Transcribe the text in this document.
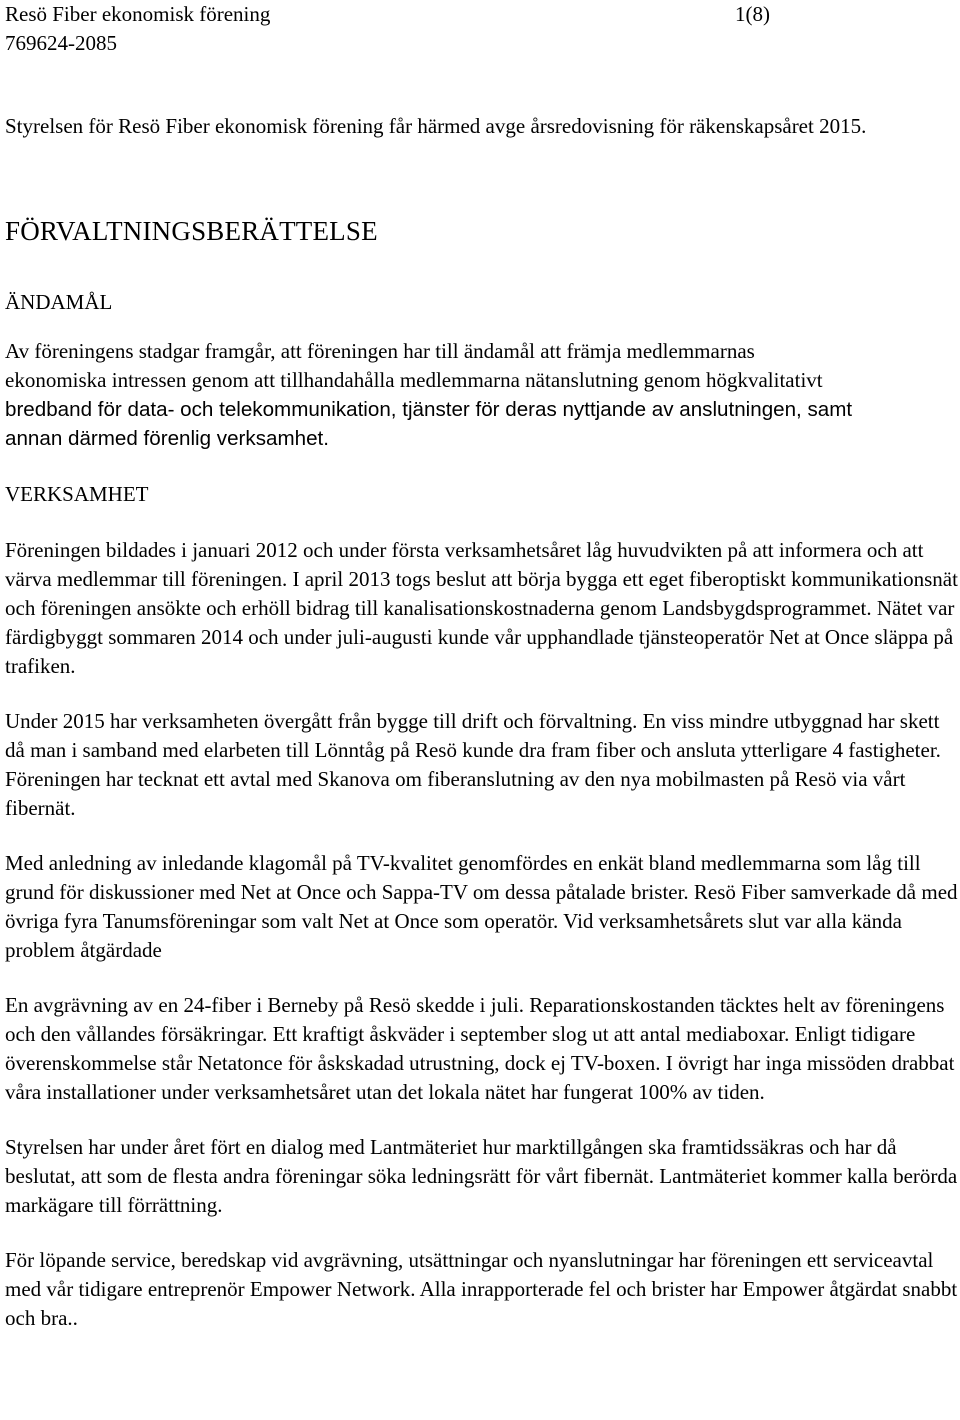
Resö Fiber ekonomisk förening
769624-2085
1(8)

Styrelsen för Resö Fiber ekonomisk förening får härmed avge årsredovisning för räkenskapsåret 2015.

FÖRVALTNINGSBERÄTTELSE
ÄNDAMÅL
Av föreningens stadgar framgår, att föreningen har till ändamål att främja medlemmarnas
ekonomiska intressen genom att tillhandahålla medlemmarna nätanslutning genom högkvalitativt
bredband för data- och telekommunikation, tjänster för deras nyttjande av anslutningen, samt
annan därmed förenlig verksamhet.
VERKSAMHET

Föreningen bildades i januari 2012 och under första verksamhetsåret låg huvudvikten på att informera och att värva medlemmar till föreningen. I april 2013 togs beslut att börja bygga ett eget fiberoptiskt kommunikationsnät och föreningen ansökte och erhöll bidrag till kanalisationskostnaderna genom Landsbygdsprogrammet. Nätet var färdigbyggt sommaren 2014 och under juli-augusti kunde vår upphandlade tjänsteoperatör Net at Once släppa på trafiken.

Under 2015 har verksamheten övergått från bygge till drift och förvaltning. En viss mindre utbyggnad har skett då man i samband med elarbeten till Lönntåg på Resö kunde dra fram fiber och ansluta ytterligare 4 fastigheter. Föreningen har tecknat ett avtal med Skanova om fiberanslutning av den nya mobilmasten på Resö via vårt fibernät.

Med anledning av inledande klagomål på TV-kvalitet genomfördes en enkät bland medlemmarna som låg till grund för diskussioner med Net at Once och Sappa-TV om dessa påtalade brister. Resö Fiber samverkade då med övriga fyra Tanumsföreningar som valt Net at Once som operatör. Vid verksamhetsårets slut var alla kända problem åtgärdade

En avgrävning av en 24-fiber i Berneby på Resö skedde i juli. Reparationskostanden täcktes helt av föreningens och den vållandes försäkringar. Ett kraftigt åskväder i september slog ut att antal mediaboxar. Enligt tidigare överenskommelse står Netatonce för åskskadad utrustning, dock ej TV-boxen. I övrigt har inga missöden drabbat våra installationer under verksamhetsåret utan det lokala nätet har fungerat 100% av tiden.

Styrelsen har under året fört en dialog med Lantmäteriet hur marktillgången ska framtidssäkras och har då beslutat, att som de flesta andra föreningar söka ledningsrätt för vårt fibernät. Lantmäteriet kommer kalla berörda markägare till förrättning.

För löpande service, beredskap vid avgrävning, utsättningar och nyanslutningar har föreningen ett serviceavtal med vår tidigare entreprenör Empower Network. Alla inrapporterade fel och brister har Empower åtgärdat snabbt och bra..
